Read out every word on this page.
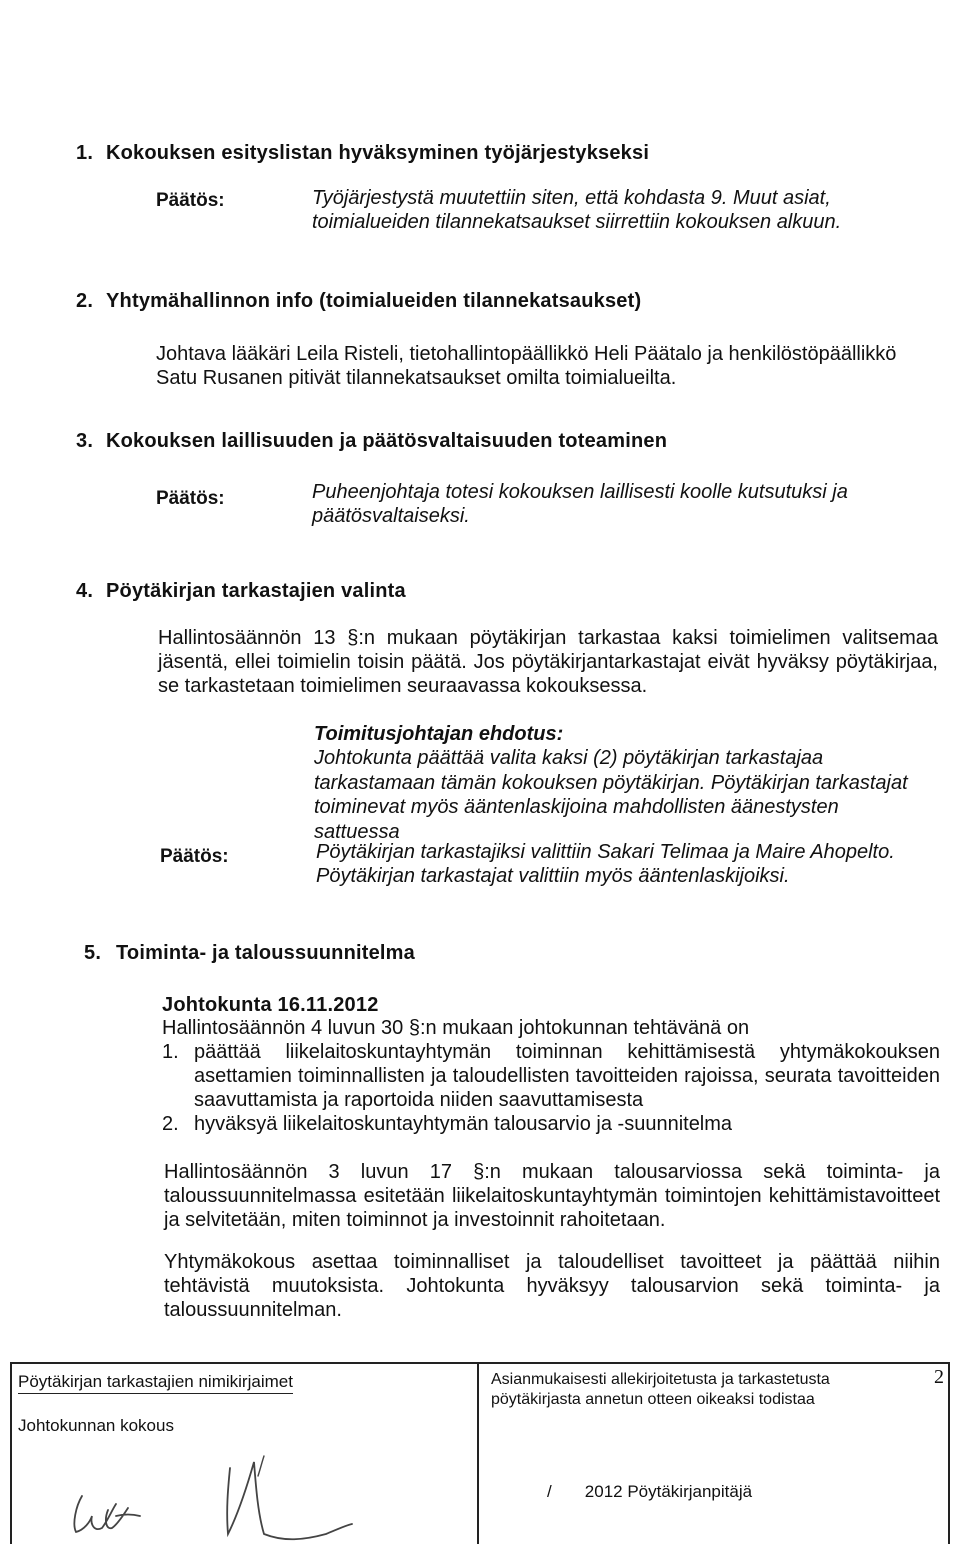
1. Kokouksen esityslistan hyväksyminen työjärjestykseksi
Päätös:	Työjärjestystä muutettiin siten, että kohdasta 9. Muut asiat, toimialueiden tilannekatsaukset siirrettiin kokouksen alkuun.
2. Yhtymähallinnon info (toimialueiden tilannekatsaukset)
Johtava lääkäri Leila Risteli, tietohallintopäällikkö Heli Päätalo ja henkilöstöpäällikkö Satu Rusanen pitivät tilannekatsaukset omilta toimialueilta.
3. Kokouksen laillisuuden ja päätösvaltaisuuden toteaminen
Päätös:	Puheenjohtaja totesi kokouksen laillisesti koolle kutsutuksi ja päätösvaltaiseksi.
4. Pöytäkirjan tarkastajien valinta
Hallintosäännön 13 §:n mukaan pöytäkirjan tarkastaa kaksi toimielimen valitsemaa jäsentä, ellei toimielin toisin päätä. Jos pöytäkirjantarkastajat eivät hyväksy pöytäkirjaa, se tarkastetaan toimielimen seuraavassa kokouksessa.
Toimitusjohtajan ehdotus:
Johtokunta päättää valita kaksi (2) pöytäkirjan tarkastajaa tarkastamaan tämän kokouksen pöytäkirjan. Pöytäkirjan tarkastajat toiminevat myös ääntenlaskijoina mahdollisten äänestysten sattuessa
Päätös:	Pöytäkirjan tarkastajiksi valittiin Sakari Telimaa ja Maire Ahopelto.
Pöytäkirjan tarkastajat valittiin myös ääntenlaskijoiksi.
5. Toiminta- ja taloussuunnitelma
Johtokunta 16.11.2012
Hallintosäännön 4 luvun 30 §:n mukaan johtokunnan tehtävänä on
1. päättää liikelaitoskuntayhtymän toiminnan kehittämisestä yhtymäkokouksen asettamien toiminnallisten ja taloudellisten tavoitteiden rajoissa, seurata tavoitteiden saavuttamista ja raportoida niiden saavuttamisesta
2. hyväksyä liikelaitoskuntayhtymän talousarvio ja -suunnitelma
Hallintosäännön 3 luvun 17 §:n mukaan talousarviossa sekä toiminta- ja taloussuunnitelmassa esitetään liikelaitoskuntayhtymän toimintojen kehittämistavoitteet ja selvitetään, miten toiminnot ja investoinnit rahoitetaan.
Yhtymäkokous asettaa toiminnalliset ja taloudelliset tavoitteet ja päättää niihin tehtävistä muutoksista. Johtokunta hyväksyy talousarvion sekä toiminta- ja taloussuunnitelman.
Pöytäkirjan tarkastajien nimikirjaimet
Johtokunnan kokous
Asianmukaisesti allekirjoitetusta ja tarkastetusta pöytäkirjasta annetun otteen oikeaksi todistaa
2
/       2012 Pöytäkirjanpitäjä
